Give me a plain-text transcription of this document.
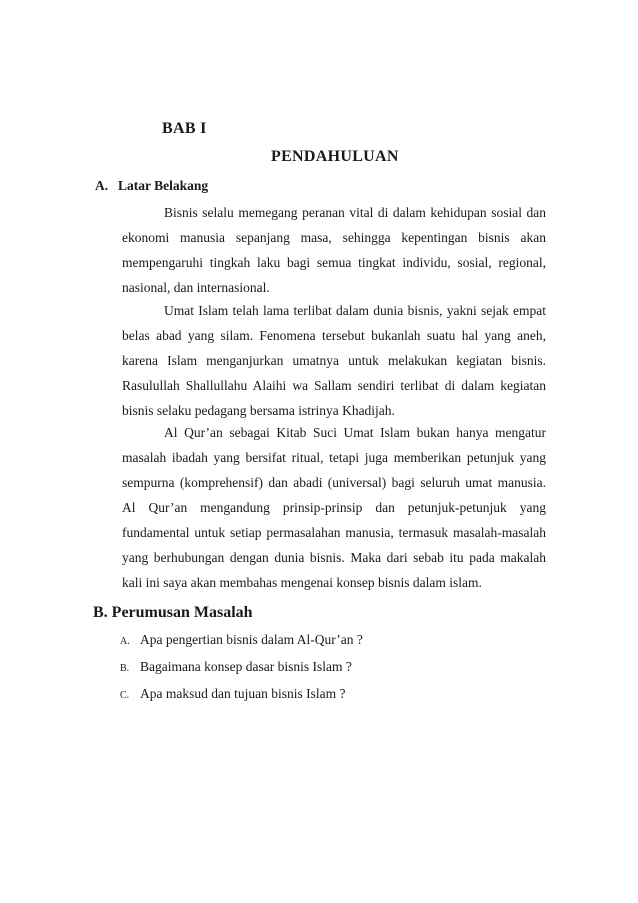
BAB I
PENDAHULUAN
A. Latar Belakang

Bisnis selalu memegang peranan vital di dalam kehidupan sosial dan ekonomi manusia sepanjang masa, sehingga kepentingan bisnis akan mempengaruhi tingkah laku bagi semua tingkat individu, sosial, regional, nasional, dan internasional.

Umat Islam telah lama terlibat dalam dunia bisnis, yakni sejak empat belas abad yang silam. Fenomena tersebut bukanlah suatu hal yang aneh, karena Islam menganjurkan umatnya untuk melakukan kegiatan bisnis. Rasulullah Shallullahu Alaihi wa Sallam sendiri terlibat di dalam kegiatan bisnis selaku pedagang bersama istrinya Khadijah.

Al Qur’an sebagai Kitab Suci Umat Islam bukan hanya mengatur masalah ibadah yang bersifat ritual, tetapi juga memberikan petunjuk yang sempurna (komprehensif) dan abadi (universal) bagi seluruh umat manusia. Al Qur’an mengandung prinsip-prinsip dan petunjuk-petunjuk yang fundamental untuk setiap permasalahan manusia, termasuk masalah-masalah yang berhubungan dengan dunia bisnis. Maka dari sebab itu pada makalah kali ini saya akan membahas mengenai konsep bisnis dalam islam.

B. Perumusan Masalah
A. Apa pengertian bisnis dalam Al-Qur’an ?
B. Bagaimana konsep dasar bisnis Islam ?
C. Apa maksud dan tujuan bisnis Islam ?
